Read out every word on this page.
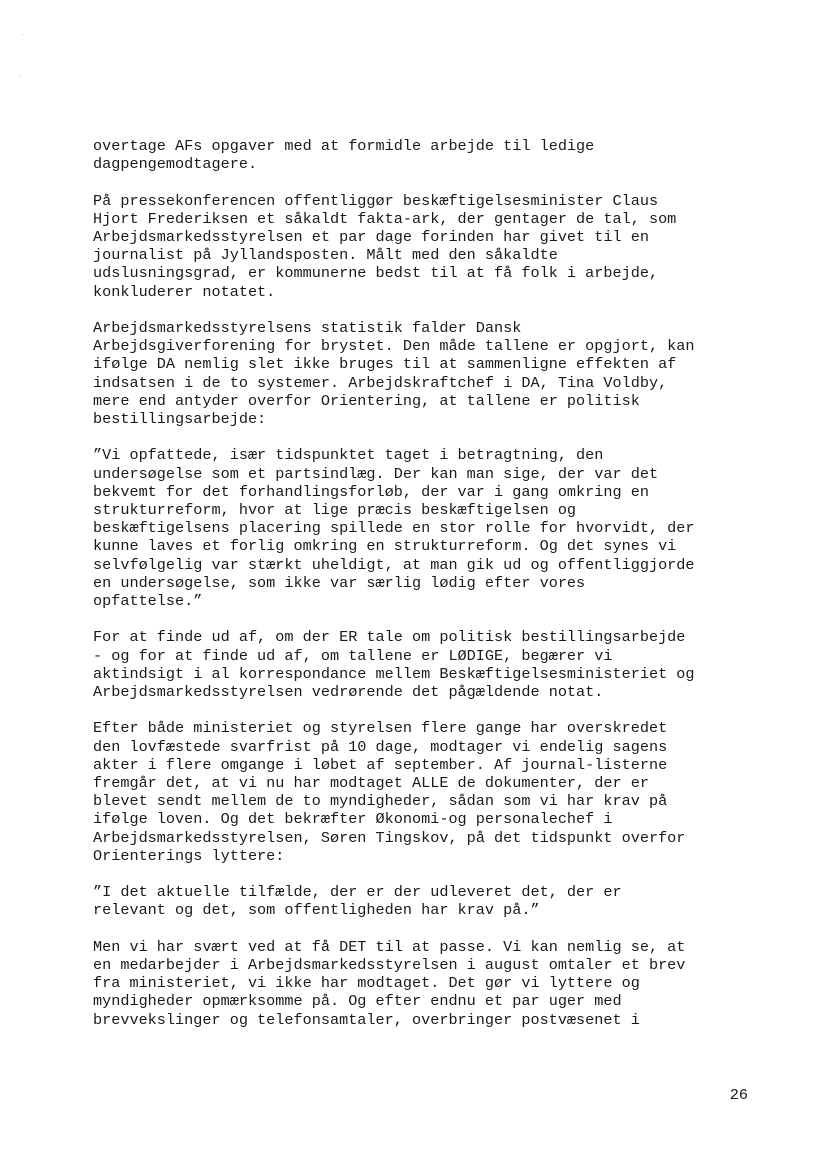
overtage AFs opgaver med at formidle arbejde til ledige
dagpengemodtagere.

På pressekonferencen offentliggør beskæftigelsesminister Claus
Hjort Frederiksen et såkaldt fakta-ark, der gentager de tal, som
Arbejdsmarkedsstyrelsen et par dage forinden har givet til en
journalist på Jyllandsposten. Målt med den såkaldte
udslusningsgrad, er kommunerne bedst til at få folk i arbejde,
konkluderer notatet.

Arbejdsmarkedsstyrelsens statistik falder Dansk
Arbejdsgiverforening for brystet. Den måde tallene er opgjort, kan
ifølge DA nemlig slet ikke bruges til at sammenligne effekten af
indsatsen i de to systemer. Arbejdskraftchef i DA, Tina Voldby,
mere end antyder overfor Orientering, at tallene er politisk
bestillingsarbejde:

”Vi opfattede, især tidspunktet taget i betragtning, den
undersøgelse som et partsindlæg. Der kan man sige, der var det
bekvemt for det forhandlingsforløb, der var i gang omkring en
strukturreform, hvor at lige præcis beskæftigelsen og
beskæftigelsens placering spillede en stor rolle for hvorvidt, der
kunne laves et forlig omkring en strukturreform. Og det synes vi
selvfølgelig var stærkt uheldigt, at man gik ud og offentliggjorde
en undersøgelse, som ikke var særlig lødig efter vores
opfattelse.”

For at finde ud af, om der ER tale om politisk bestillingsarbejde
- og for at finde ud af, om tallene er LØDIGE, begærer vi
aktindsigt i al korrespondance mellem Beskæftigelsesministeriet og
Arbejdsmarkedsstyrelsen vedrørende det pågældende notat.

Efter både ministeriet og styrelsen flere gange har overskredet
den lovfæstede svarfrist på 10 dage, modtager vi endelig sagens
akter i flere omgange i løbet af september. Af journal-listerne
fremgår det, at vi nu har modtaget ALLE de dokumenter, der er
blevet sendt mellem de to myndigheder, sådan som vi har krav på
ifølge loven. Og det bekræfter Økonomi-og personalechef i
Arbejdsmarkedsstyrelsen, Søren Tingskov, på det tidspunkt overfor
Orienterings lyttere:

”I det aktuelle tilfælde, der er der udleveret det, der er
relevant og det, som offentligheden har krav på.”

Men vi har svært ved at få DET til at passe. Vi kan nemlig se, at
en medarbejder i Arbejdsmarkedsstyrelsen i august omtaler et brev
fra ministeriet, vi ikke har modtaget. Det gør vi lyttere og
myndigheder opmærksomme på. Og efter endnu et par uger med
brevvekslinger og telefonsamtaler, overbringer postvæsenet i

26
